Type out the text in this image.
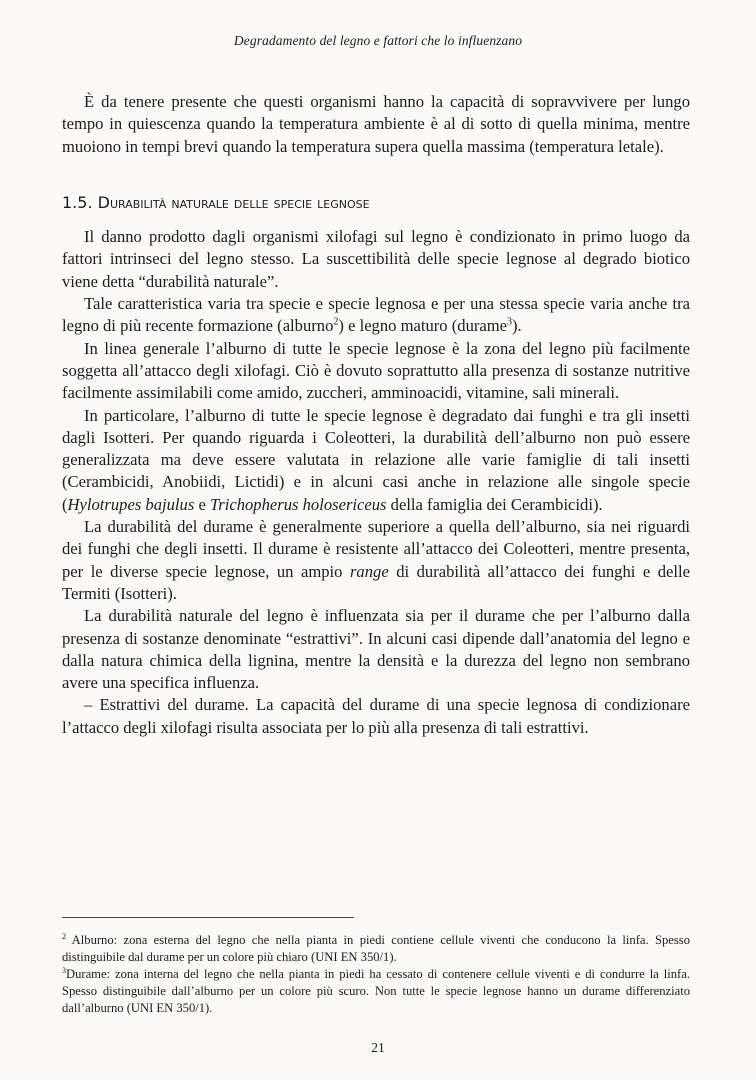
Degradamento del legno e fattori che lo influenzano

È da tenere presente che questi organismi hanno la capacità di sopravvivere per lungo tempo in quiescenza quando la temperatura ambiente è al di sotto di quella minima, mentre muoiono in tempi brevi quando la temperatura supera quella massima (temperatura letale).

1.5. Durabilità naturale delle specie legnose

Il danno prodotto dagli organismi xilofagi sul legno è condizionato in primo luogo da fattori intrinseci del legno stesso. La suscettibilità delle specie legnose al degrado biotico viene detta “durabilità naturale”.

Tale caratteristica varia tra specie e specie legnosa e per una stessa specie varia anche tra legno di più recente formazione (alburno$^2$) e legno maturo (durame$^3$).

In linea generale l’alburno di tutte le specie legnose è la zona del legno più facilmente soggetta all’attacco degli xilofagi. Ciò è dovuto soprattutto alla presenza di sostanze nutritive facilmente assimilabili come amido, zuccheri, amminoacidi, vitamine, sali minerali.

In particolare, l’alburno di tutte le specie legnose è degradato dai funghi e tra gli insetti dagli Isotteri. Per quando riguarda i Coleotteri, la durabilità dell’alburno non può essere generalizzata ma deve essere valutata in relazione alle varie famiglie di tali insetti (Cerambicidi, Anobiidi, Lictidi) e in alcuni casi anche in relazione alle singole specie (Hylotrupes bajulus e Trichopherus holosericeus della famiglia dei Cerambicidi).

La durabilità del durame è generalmente superiore a quella dell’alburno, sia nei riguardi dei funghi che degli insetti. Il durame è resistente all’attacco dei Coleotteri, mentre presenta, per le diverse specie legnose, un ampio range di durabilità all’attacco dei funghi e delle Termiti (Isotteri).

La durabilità naturale del legno è influenzata sia per il durame che per l’alburno dalla presenza di sostanze denominate “estrattivi”. In alcuni casi dipende dall’anatomia del legno e dalla natura chimica della lignina, mentre la densità e la durezza del legno non sembrano avere una specifica influenza.

– Estrattivi del durame. La capacità del durame di una specie legnosa di condizionare l’attacco degli xilofagi risulta associata per lo più alla presenza di tali estrattivi.

$^2$ Alburno: zona esterna del legno che nella pianta in piedi contiene cellule viventi che conducono la linfa. Spesso distinguibile dal durame per un colore più chiaro (UNI EN 350/1).

$^3$Durame: zona interna del legno che nella pianta in piedi ha cessato di contenere cellule viventi e di condurre la linfa. Spesso distinguibile dall’alburno per un colore più scuro. Non tutte le specie legnose hanno un durame differenziato dall’alburno (UNI EN 350/1).

21
